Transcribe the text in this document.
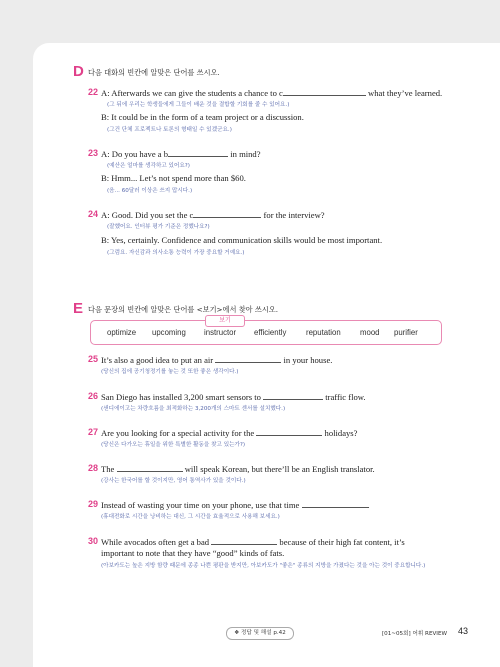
D 다음 대화의 빈칸에 알맞은 단어를 쓰시오.
22 A: Afterwards we can give the students a chance to c	what they’ve learned.
(그 뒤에 우리는 학생들에게 그들이 배운 것을 결합할 기회를 줄 수 있어요.)
B: It could be in the form of a team project or a discussion.
(그건 단체 프로젝트나 토론의 형태일 수 있겠군요.)
23 A: Do you have a b	in mind?
(예산은 얼마를 생각하고 있어요?)
B: Hmm... Let’s not spend more than $60.
(음... 60달러 이상은 쓰지 맙시다.)
24 A: Good. Did you set the c	for the interview?
(잘했어요. 인터뷰 평가 기준은 정했나요?)
B: Yes, certainly. Confidence and communication skills would be most important.
(그럼요. 자신감과 의사소통 능력이 가장 중요할 거예요.)
E 다음 문장의 빈칸에 알맞은 단어를 <보기>에서 찾아 쓰시오.
보기
optimize upcoming instructor efficiently	reputation mood purifier
25 It’s also a good idea to put an air	in your house.
(당신의 집에 공기청정기를 놓는 것 또한 좋은 생각이다.)
26 San Diego has installed 3,200 smart sensors to	traffic flow.
(샌디에이고는 차량흐름을 최적화하는 3,200개의 스마트 센서를 설치했다.)
27 Are you looking for a special activity for the	holidays?
(당신은 다가오는 휴일을 위한 특별한 활동을 찾고 있는가?)
28 The	will speak Korean, but there’ll be an English translator.
(강사는 한국어를 할 것이지만, 영어 통역사가 있을 것이다.)
29 Instead of wasting your time on your phone, use that time	.
(휴대전화로 시간을 낭비하는 대신, 그 시간을 효율적으로 사용해 보세요.)
30 While avocados often get a bad	because of their high fat content, it’s
important to note that they have “good” kinds of fats.
(아보카도는 높은 지방 함량 때문에 종종 나쁜 평판을 받지만, 아보카도가 "좋은" 종류의 지방을 가졌다는 것을 아는 것이 중요합니다.)
❖ 정답 및 해설 p.42	[01~05회] 어휘 REVIEW 43
